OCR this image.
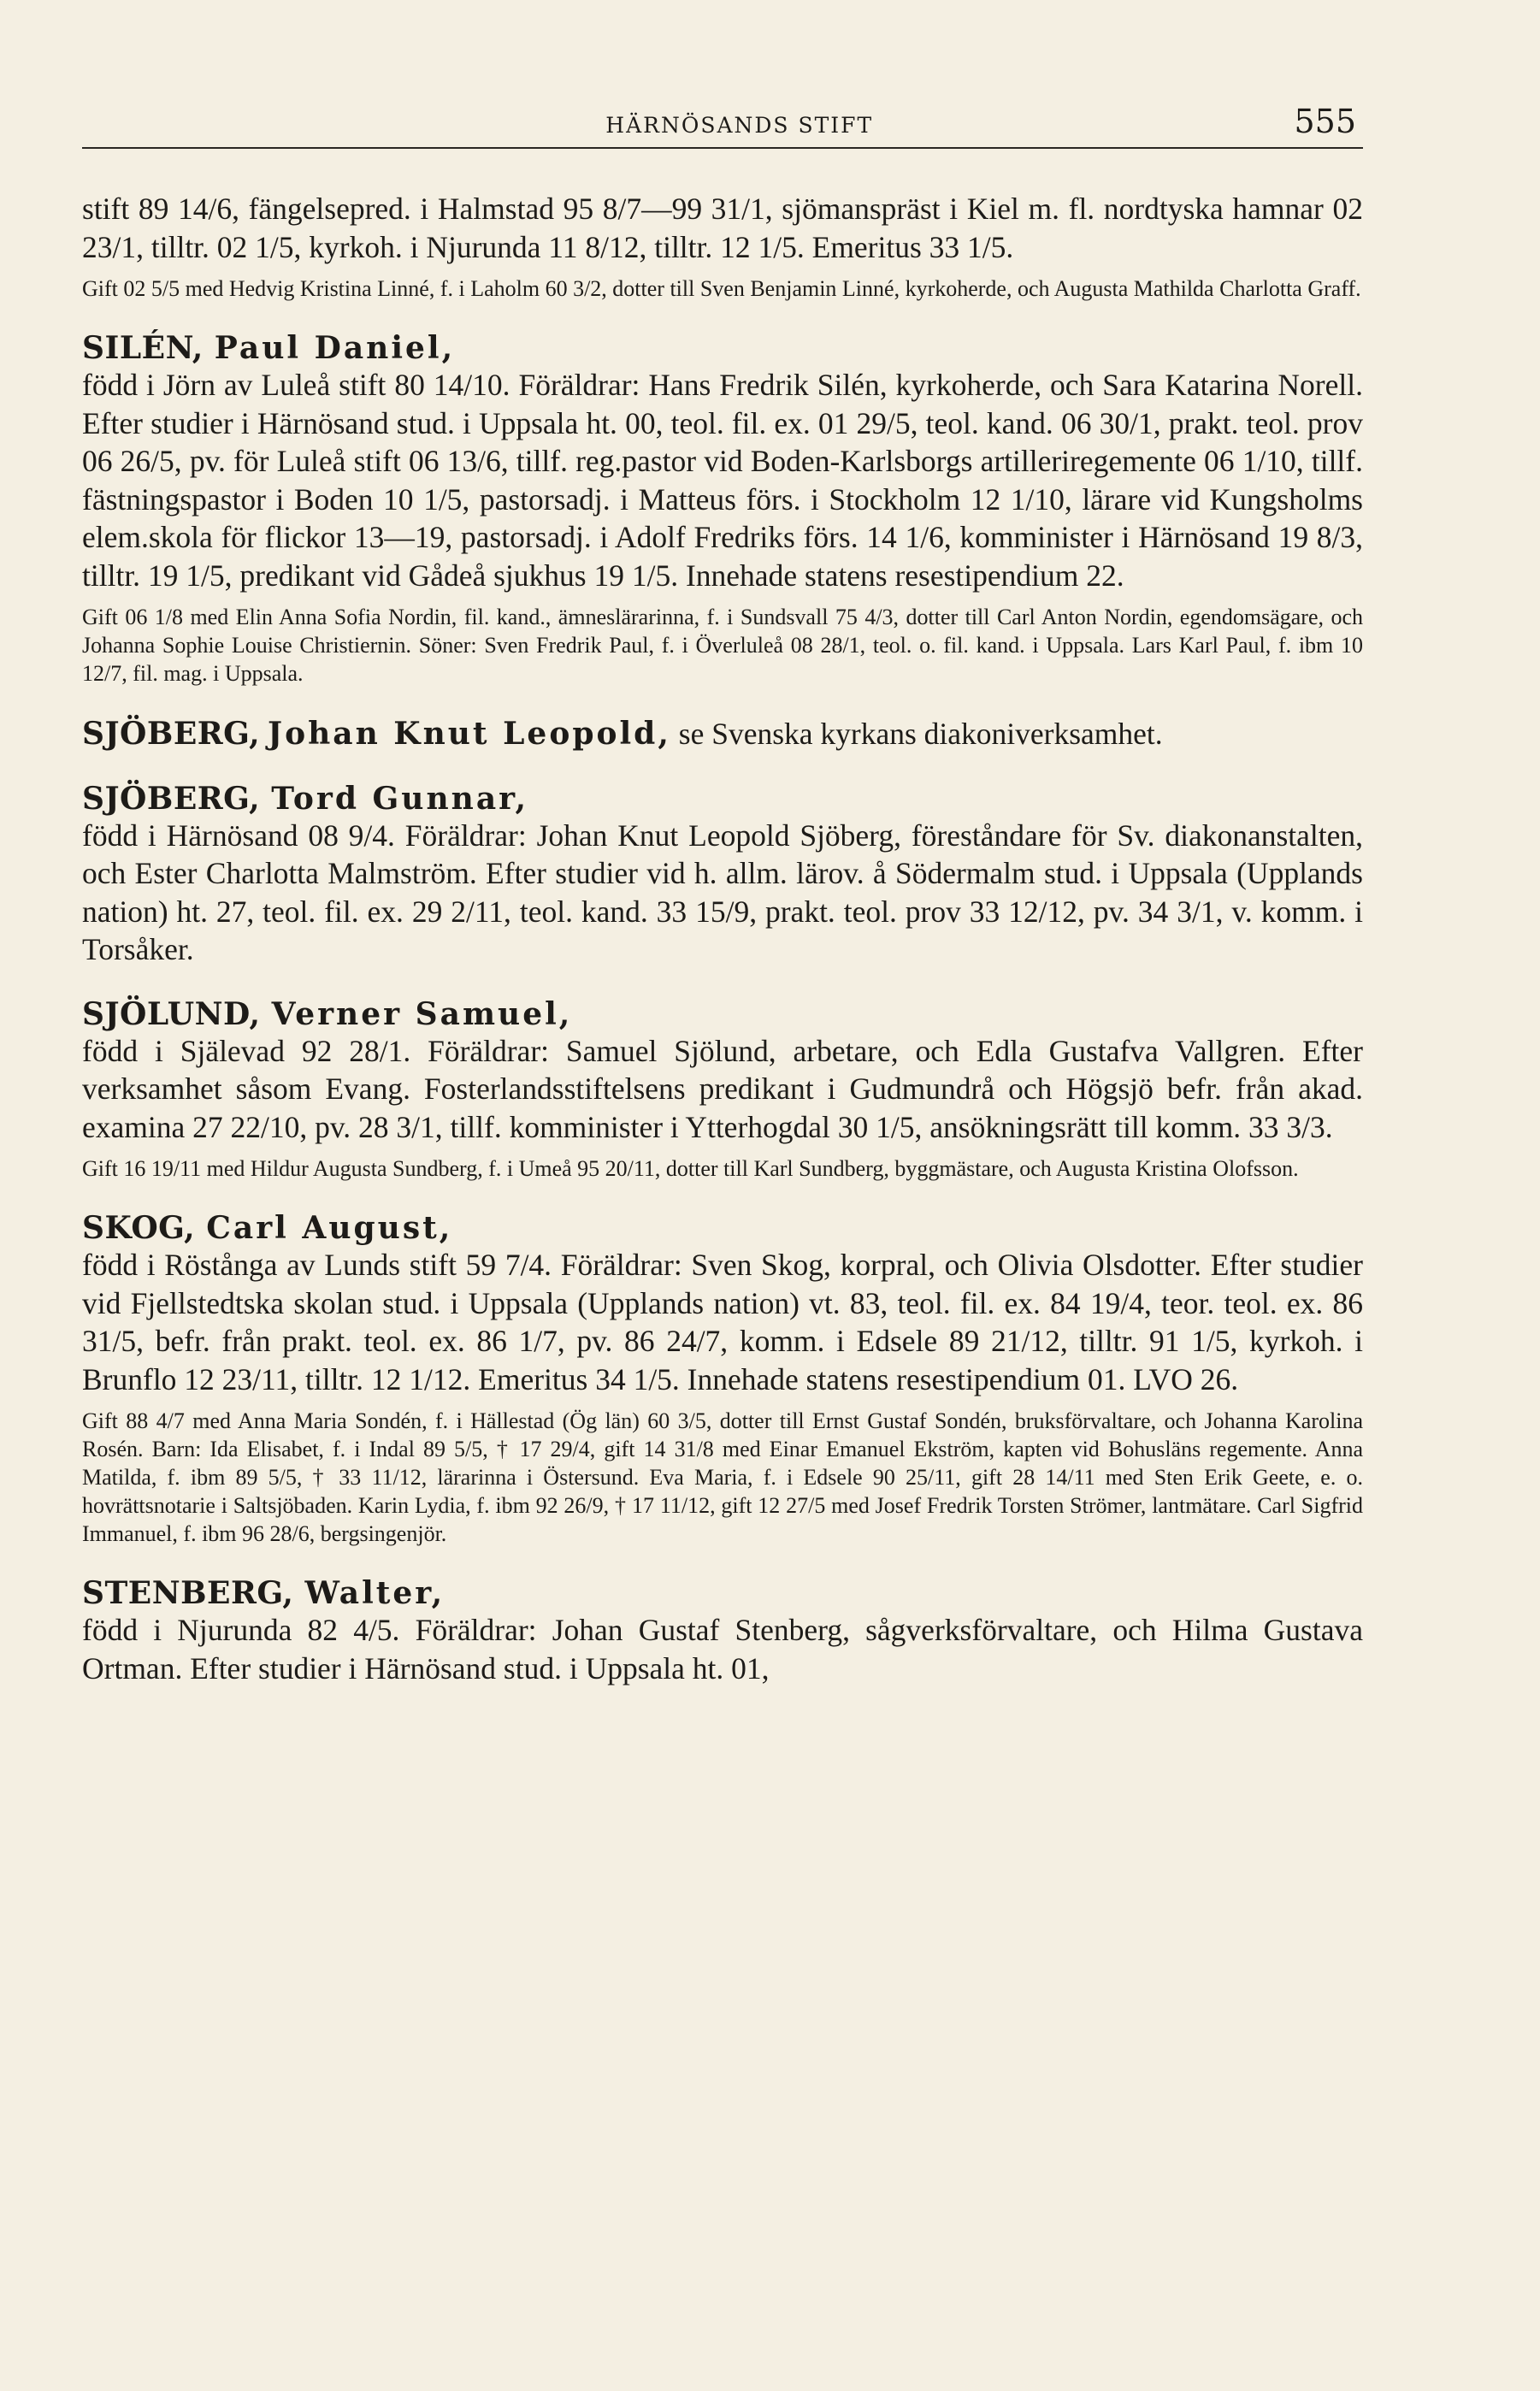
HÄRNÖSANDS STIFT	555
stift 89 14/6, fängelsepred. i Halmstad 95 8/7—99 31/1, sjömanspräst i Kiel m. fl. nordtyska hamnar 02 23/1, tilltr. 02 1/5, kyrkoh. i Njurunda 11 8/12, tilltr. 12 1/5. Emeritus 33 1/5.
Gift 02 5/5 med Hedvig Kristina Linné, f. i Laholm 60 3/2, dotter till Sven Benjamin Linné, kyrkoherde, och Augusta Mathilda Charlotta Graff.
SILÉN, Paul Daniel,
född i Jörn av Luleå stift 80 14/10. Föräldrar: Hans Fredrik Silén, kyrkoherde, och Sara Katarina Norell. Efter studier i Härnösand stud. i Uppsala ht. 00, teol. fil. ex. 01 29/5, teol. kand. 06 30/1, prakt. teol. prov 06 26/5, pv. för Luleå stift 06 13/6, tillf. reg.pastor vid Boden-Karlsborgs artilleriregemente 06 1/10, tillf. fästningspastor i Boden 10 1/5, pastorsadj. i Matteus förs. i Stockholm 12 1/10, lärare vid Kungsholms elem.skola för flickor 13—19, pastorsadj. i Adolf Fredriks förs. 14 1/6, komminister i Härnösand 19 8/3, tilltr. 19 1/5, predikant vid Gådeå sjukhus 19 1/5. Innehade statens resestipendium 22.
Gift 06 1/8 med Elin Anna Sofia Nordin, fil. kand., ämneslärarinna, f. i Sundsvall 75 4/3, dotter till Carl Anton Nordin, egendomsägare, och Johanna Sophie Louise Christiernin. Söner: Sven Fredrik Paul, f. i Överluleå 08 28/1, teol. o. fil. kand. i Uppsala. Lars Karl Paul, f. ibm 10 12/7, fil. mag. i Uppsala.
SJÖBERG, Johan Knut Leopold, se Svenska kyrkans diakoniverksamhet.
SJÖBERG, Tord Gunnar,
född i Härnösand 08 9/4. Föräldrar: Johan Knut Leopold Sjöberg, föreståndare för Sv. diakonanstalten, och Ester Charlotta Malmström. Efter studier vid h. allm. lärov. å Södermalm stud. i Uppsala (Upplands nation) ht. 27, teol. fil. ex. 29 2/11, teol. kand. 33 15/9, prakt. teol. prov 33 12/12, pv. 34 3/1, v. komm. i Torsåker.
SJÖLUND, Verner Samuel,
född i Själevad 92 28/1. Föräldrar: Samuel Sjölund, arbetare, och Edla Gustafva Vallgren. Efter verksamhet såsom Evang. Fosterlandsstiftelsens predikant i Gudmundrå och Högsjö befr. från akad. examina 27 22/10, pv. 28 3/1, tillf. komminister i Ytterhogdal 30 1/5, ansökningsrätt till komm. 33 3/3.
Gift 16 19/11 med Hildur Augusta Sundberg, f. i Umeå 95 20/11, dotter till Karl Sundberg, byggmästare, och Augusta Kristina Olofsson.
SKOG, Carl August,
född i Röstånga av Lunds stift 59 7/4. Föräldrar: Sven Skog, korpral, och Olivia Olsdotter. Efter studier vid Fjellstedtska skolan stud. i Uppsala (Upplands nation) vt. 83, teol. fil. ex. 84 19/4, teor. teol. ex. 86 31/5, befr. från prakt. teol. ex. 86 1/7, pv. 86 24/7, komm. i Edsele 89 21/12, tilltr. 91 1/5, kyrkoh. i Brunflo 12 23/11, tilltr. 12 1/12. Emeritus 34 1/5. Innehade statens resestipendium 01. LVO 26.
Gift 88 4/7 med Anna Maria Sondén, f. i Hällestad (Ög län) 60 3/5, dotter till Ernst Gustaf Sondén, bruksförvaltare, och Johanna Karolina Rosén. Barn: Ida Elisabet, f. i Indal 89 5/5, † 17 29/4, gift 14 31/8 med Einar Emanuel Ekström, kapten vid Bohusläns regemente. Anna Matilda, f. ibm 89 5/5, † 33 11/12, lärarinna i Östersund. Eva Maria, f. i Edsele 90 25/11, gift 28 14/11 med Sten Erik Geete, e. o. hovrättsnotarie i Saltsjöbaden. Karin Lydia, f. ibm 92 26/9, † 17 11/12, gift 12 27/5 med Josef Fredrik Torsten Strömer, lantmätare. Carl Sigfrid Immanuel, f. ibm 96 28/6, bergsingenjör.
STENBERG, Walter,
född i Njurunda 82 4/5. Föräldrar: Johan Gustaf Stenberg, sågverksförvaltare, och Hilma Gustava Ortman. Efter studier i Härnösand stud. i Uppsala ht. 01,
